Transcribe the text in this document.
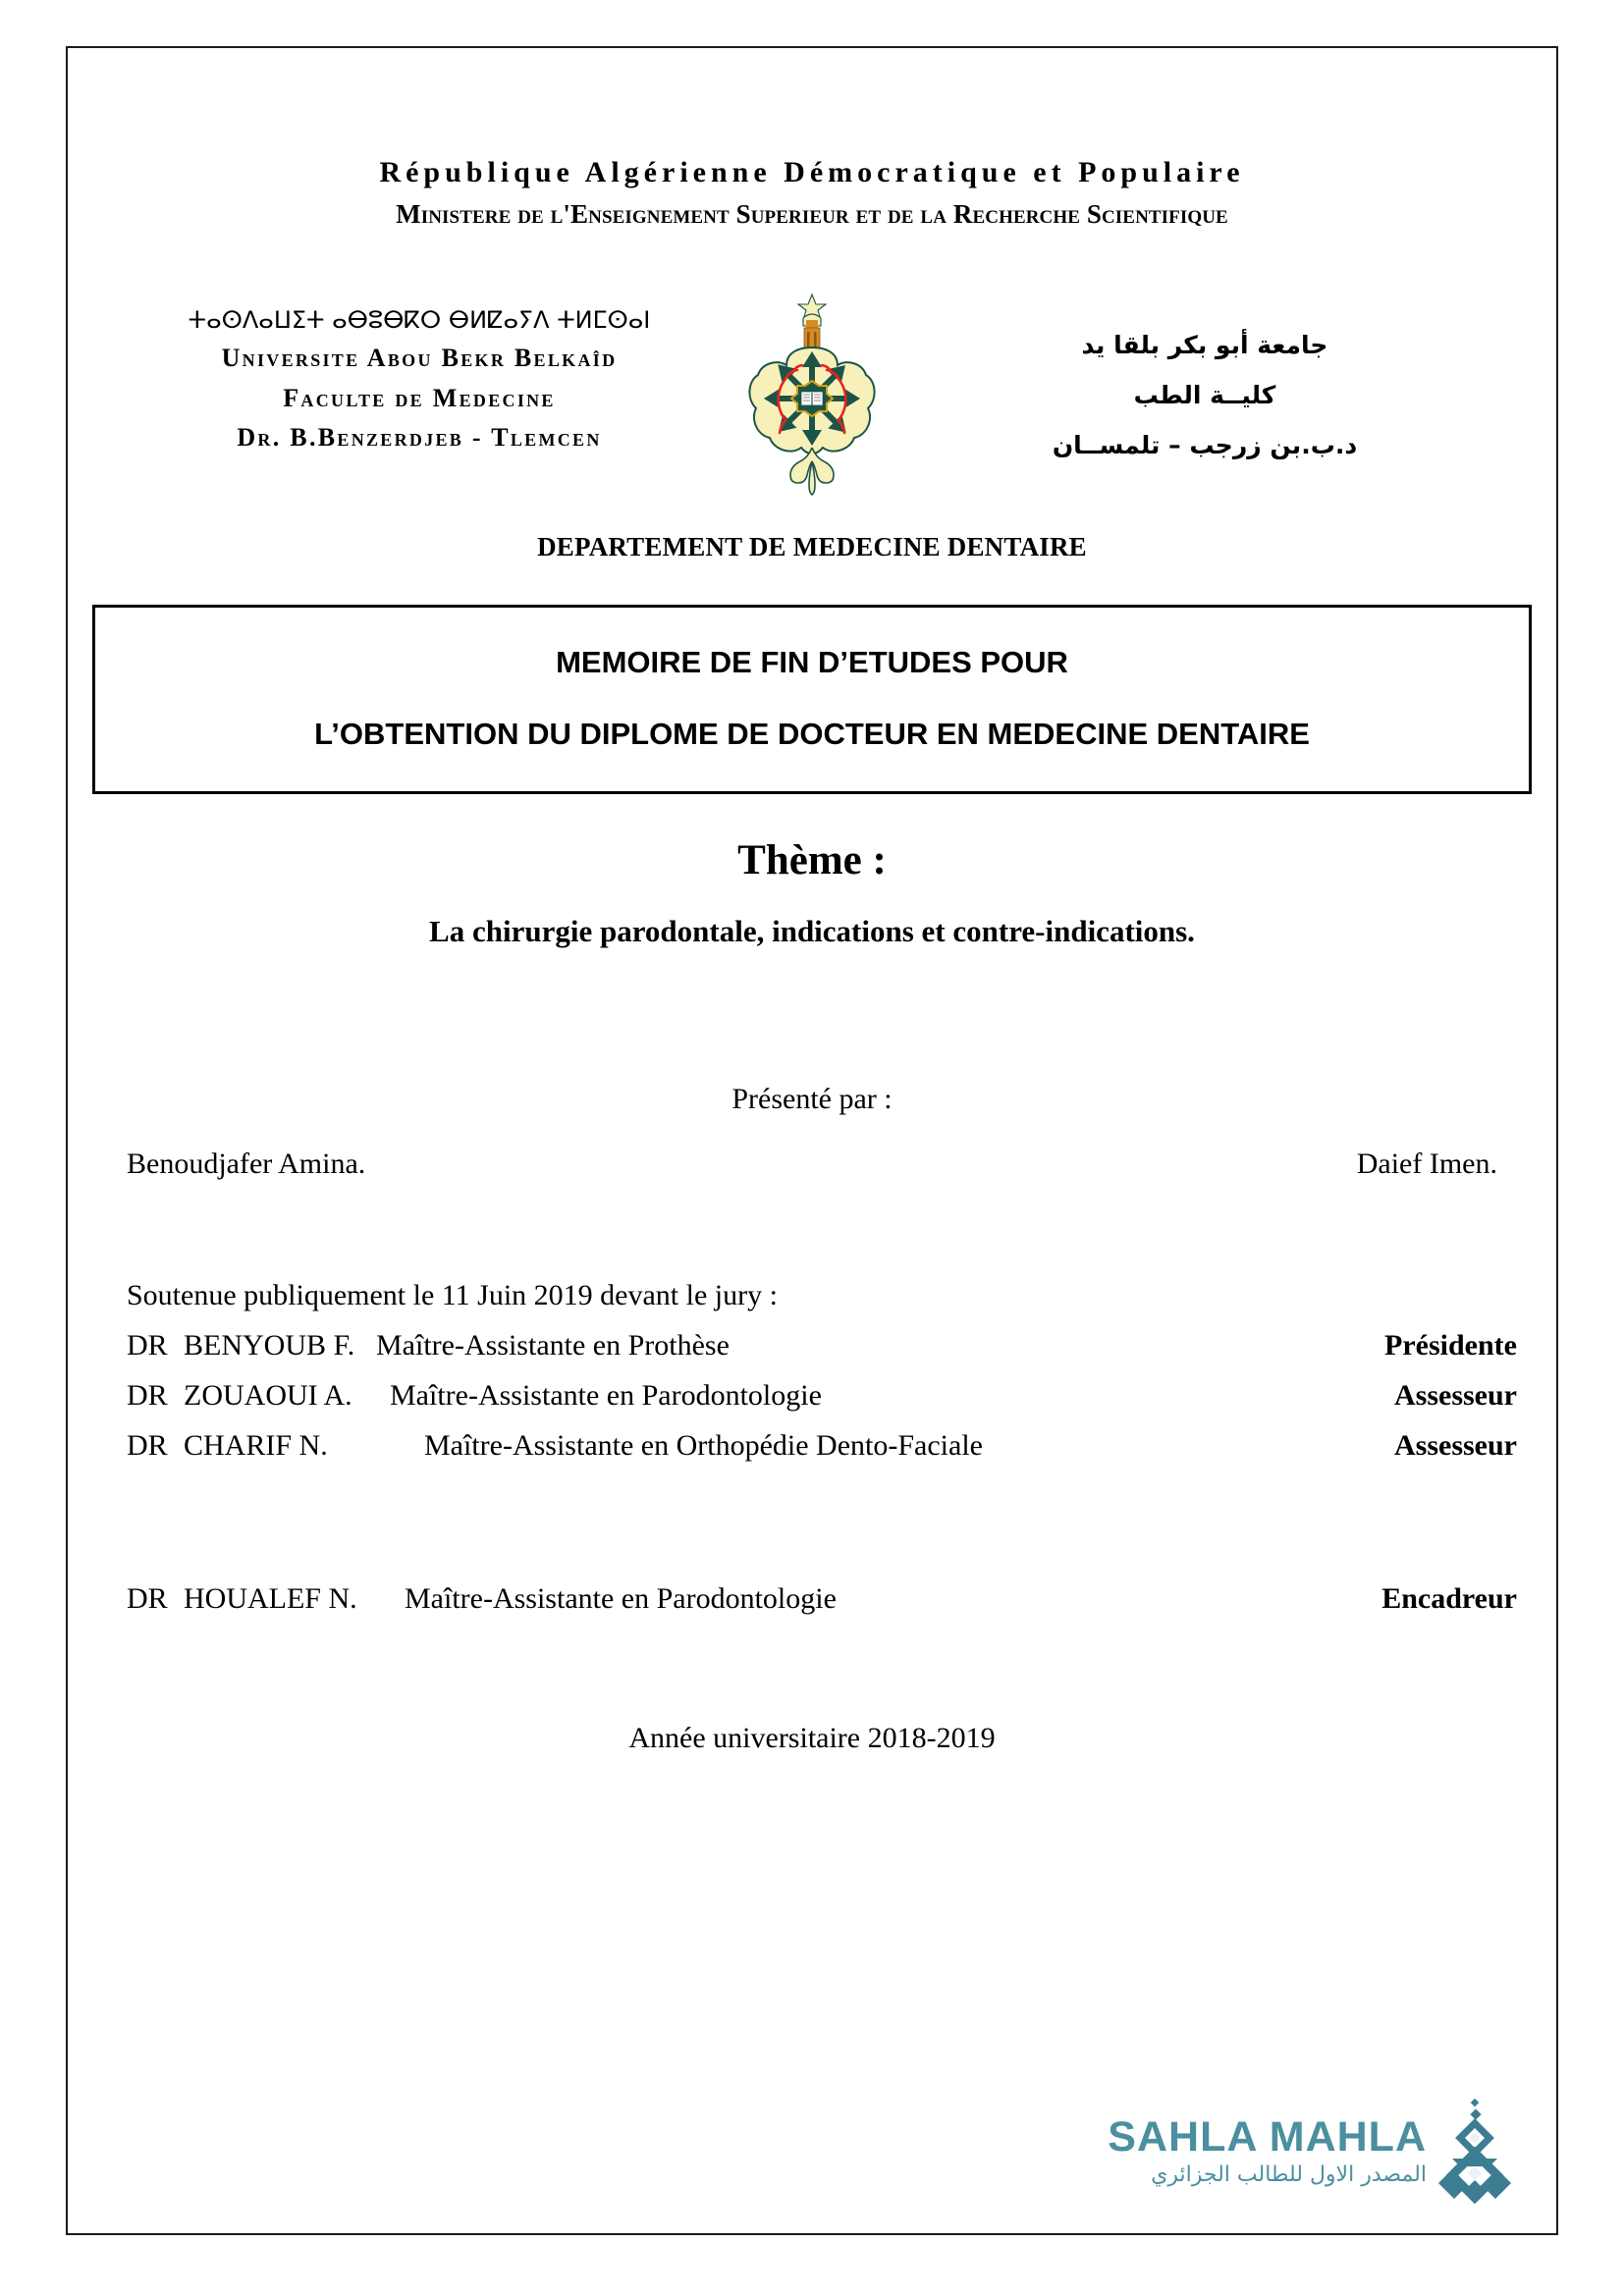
République Algérienne Démocratique et Populaire
Ministere de l'Enseignement Superieur et de la Recherche Scientifique
ⵜⴰⵙⴷⴰⵡⵉⵜ ⴰⴱⵓⴱⴽⵔ ⴱⵍⵇⴰⵢⴷ ⵜⵍⵎⵙⴰⵏ
Universite Abou Bekr Belkaîd
Faculte de Medecine
Dr. B.Benzerdjeb - Tlemcen
جامعة أبو بكر بلقا يد
كليــة الطب
د.ب.بن زرجب – تلمســان
DEPARTEMENT DE MEDECINE DENTAIRE
MEMOIRE DE FIN D’ETUDES POUR
L’OBTENTION DU DIPLOME DE DOCTEUR EN MEDECINE DENTAIRE
Thème :
La chirurgie parodontale, indications et contre-indications.
Présenté par :
Benoudjafer Amina.	Daief Imen.
Soutenue publiquement le 11 Juin 2019 devant le jury :
DR BENYOUB F. Maître-Assistante en Prothèse	Présidente
DR ZOUAOUI A.	Maître-Assistante en Parodontologie	Assesseur
DR CHARIF N.	Maître-Assistante en Orthopédie Dento-Faciale	Assesseur
DR HOUALEF N.	Maître-Assistante en Parodontologie	Encadreur
Année universitaire 2018-2019
SAHLA MAHLA
المصدر الاول للطالب الجزائري
